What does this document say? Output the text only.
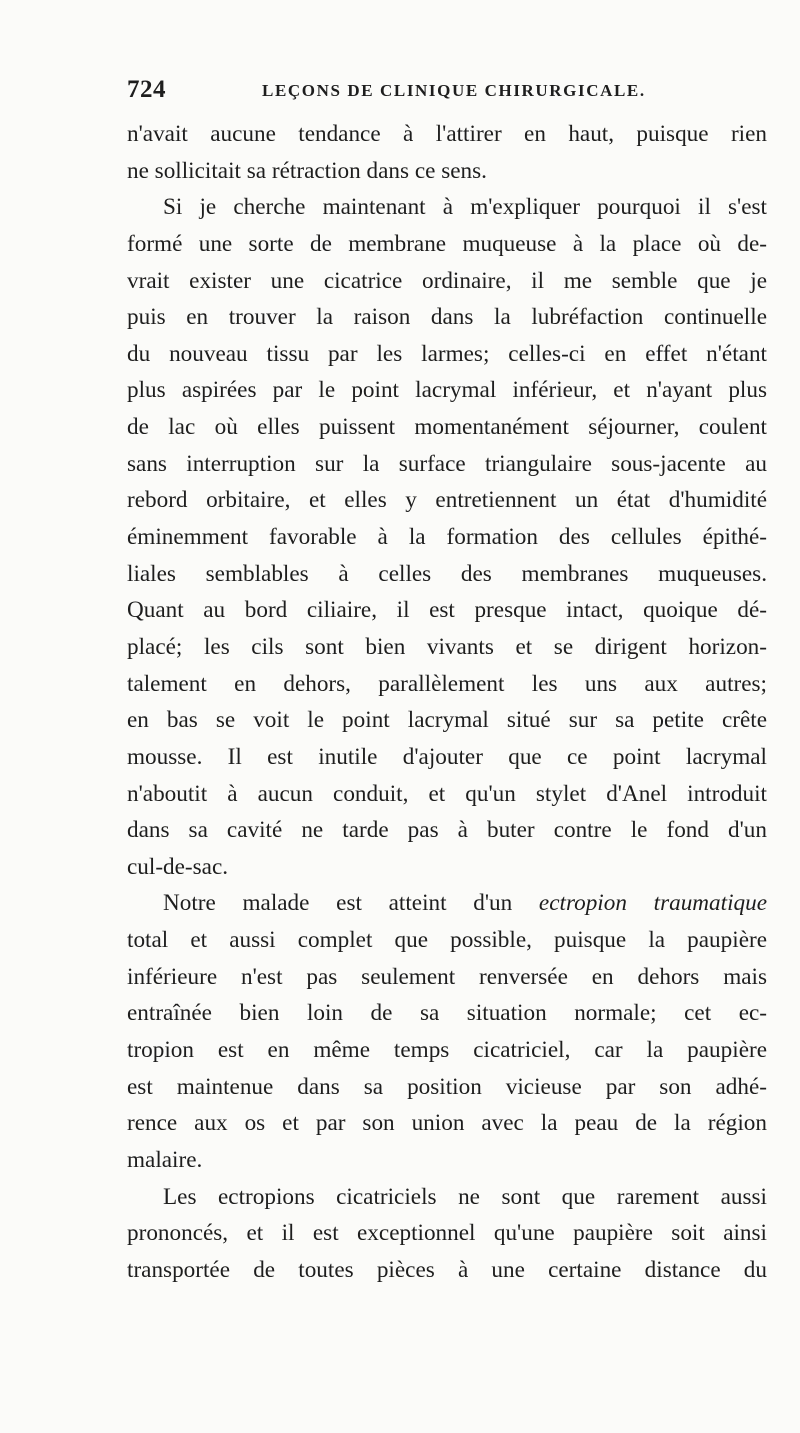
724	LEÇONS DE CLINIQUE CHIRURGICALE.
n'avait aucune tendance à l'attirer en haut, puisque rien
ne sollicitait sa rétraction dans ce sens.
Si je cherche maintenant à m'expliquer pourquoi il s'est
formé une sorte de membrane muqueuse à la place où de-
vrait exister une cicatrice ordinaire, il me semble que je
puis en trouver la raison dans la lubréfaction continuelle
du nouveau tissu par les larmes; celles-ci en effet n'étant
plus aspirées par le point lacrymal inférieur, et n'ayant plus
de lac où elles puissent momentanément séjourner, coulent
sans interruption sur la surface triangulaire sous-jacente au
rebord orbitaire, et elles y entretiennent un état d'humidité
éminemment favorable à la formation des cellules épithé-
liales semblables à celles des membranes muqueuses.
Quant au bord ciliaire, il est presque intact, quoique dé-
placé; les cils sont bien vivants et se dirigent horizon-
talement en dehors, parallèlement les uns aux autres;
en bas se voit le point lacrymal situé sur sa petite crête
mousse. Il est inutile d'ajouter que ce point lacrymal
n'aboutit à aucun conduit, et qu'un stylet d'Anel introduit
dans sa cavité ne tarde pas à buter contre le fond d'un
cul-de-sac.
Notre malade est atteint d'un ectropion traumatique
total et aussi complet que possible, puisque la paupière
inférieure n'est pas seulement renversée en dehors mais
entraînée bien loin de sa situation normale; cet ec-
tropion est en même temps cicatriciel, car la paupière
est maintenue dans sa position vicieuse par son adhé-
rence aux os et par son union avec la peau de la région
malaire.
Les ectropions cicatriciels ne sont que rarement aussi
prononcés, et il est exceptionnel qu'une paupière soit ainsi
transportée de toutes pièces à une certaine distance du
